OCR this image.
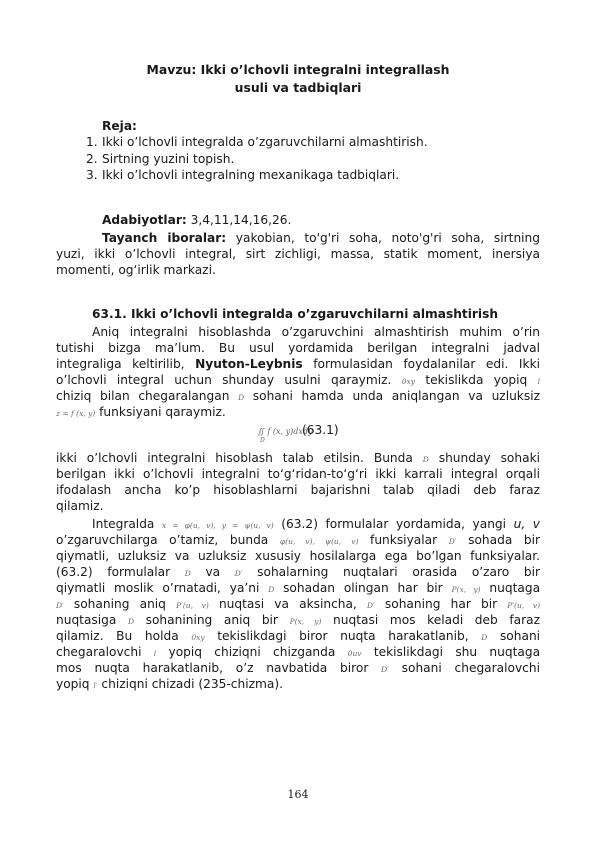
Mavzu: Ikki o’lchovli integralni integrallash
usuli va tadbiqlari
Reja:
1. Ikki o’lchovli integralda o’zgaruvchilarni almashtirish.
2. Sirtning yuzini topish.
3. Ikki o’lchovli integralning mexanikaga tadbiqlari.
Adabiyotlar: 3,4,11,14,16,26.
Tayanch iboralar: yakobian, to'g'ri soha, noto'g'ri soha, sirtning
yuzi, ikki o’lchovli integral, sirt zichligi, massa, statik moment, inersiya
momenti, og‘irlik markazi.
63.1. Ikki o’lchovli integralda o’zgaruvchilarni almashtirish
Aniq integralni hisoblashda o’zgaruvchini almashtirish muhim o’rin
tutishi bizga ma’lum. Bu usul yordamida berilgan integralni jadval
integraliga keltirilib, Nyuton-Leybnis formulasidan foydalanilar edi. Ikki
o’lchovli integral uchun shunday usulni qaraymiz. 0xy tekislikda yopiq l
chiziq bilan chegaralangan D sohani hamda unda aniqlangan va uzluksiz
z = f (x, y) funksiyani qaraymiz.
∬ f (x, y)dxdy
(63.1)
D
ikki o’lchovli integralni hisoblash talab etilsin. Bunda D shunday sohaki
berilgan ikki o’lchovli integralni to‘g‘ridan-to‘g‘ri ikki karrali integral orqali
ifodalash ancha ko’p hisoblashlarni bajarishni talab qiladi deb faraz
qilamiz.
Integralda x = φ(u, v), y = ψ(u, v) (63.2) formulalar yordamida, yangi u, v
o’zgaruvchilarga o’tamiz, bunda φ(u, v), ψ(u, v) funksiyalar D′ sohada bir
qiymatli, uzluksiz va uzluksiz xususiy hosilalarga ega bo’lgan funksiyalar.
(63.2) formulalar D va D′ sohalarning nuqtalari orasida o’zaro bir
qiymatli moslik o’rnatadi, ya’ni D sohadan olingan har bir P(x, y) nuqtaga
D′ sohaning aniq P′(u, v) nuqtasi va aksincha, D′ sohaning har bir P′(u, v)
nuqtasiga D sohanining aniq bir P(x, y) nuqtasi mos keladi deb faraz
qilamiz. Bu holda 0xy tekislikdagi biror nuqta harakatlanib, D sohani
chegaralovchi l yopiq chiziqni chizganda 0uv tekislikdagi shu nuqtaga
mos nuqta harakatlanib, o’z navbatida biror D′ sohani chegaralovchi
yopiq l′ chiziqni chizadi (235-chizma).
164
